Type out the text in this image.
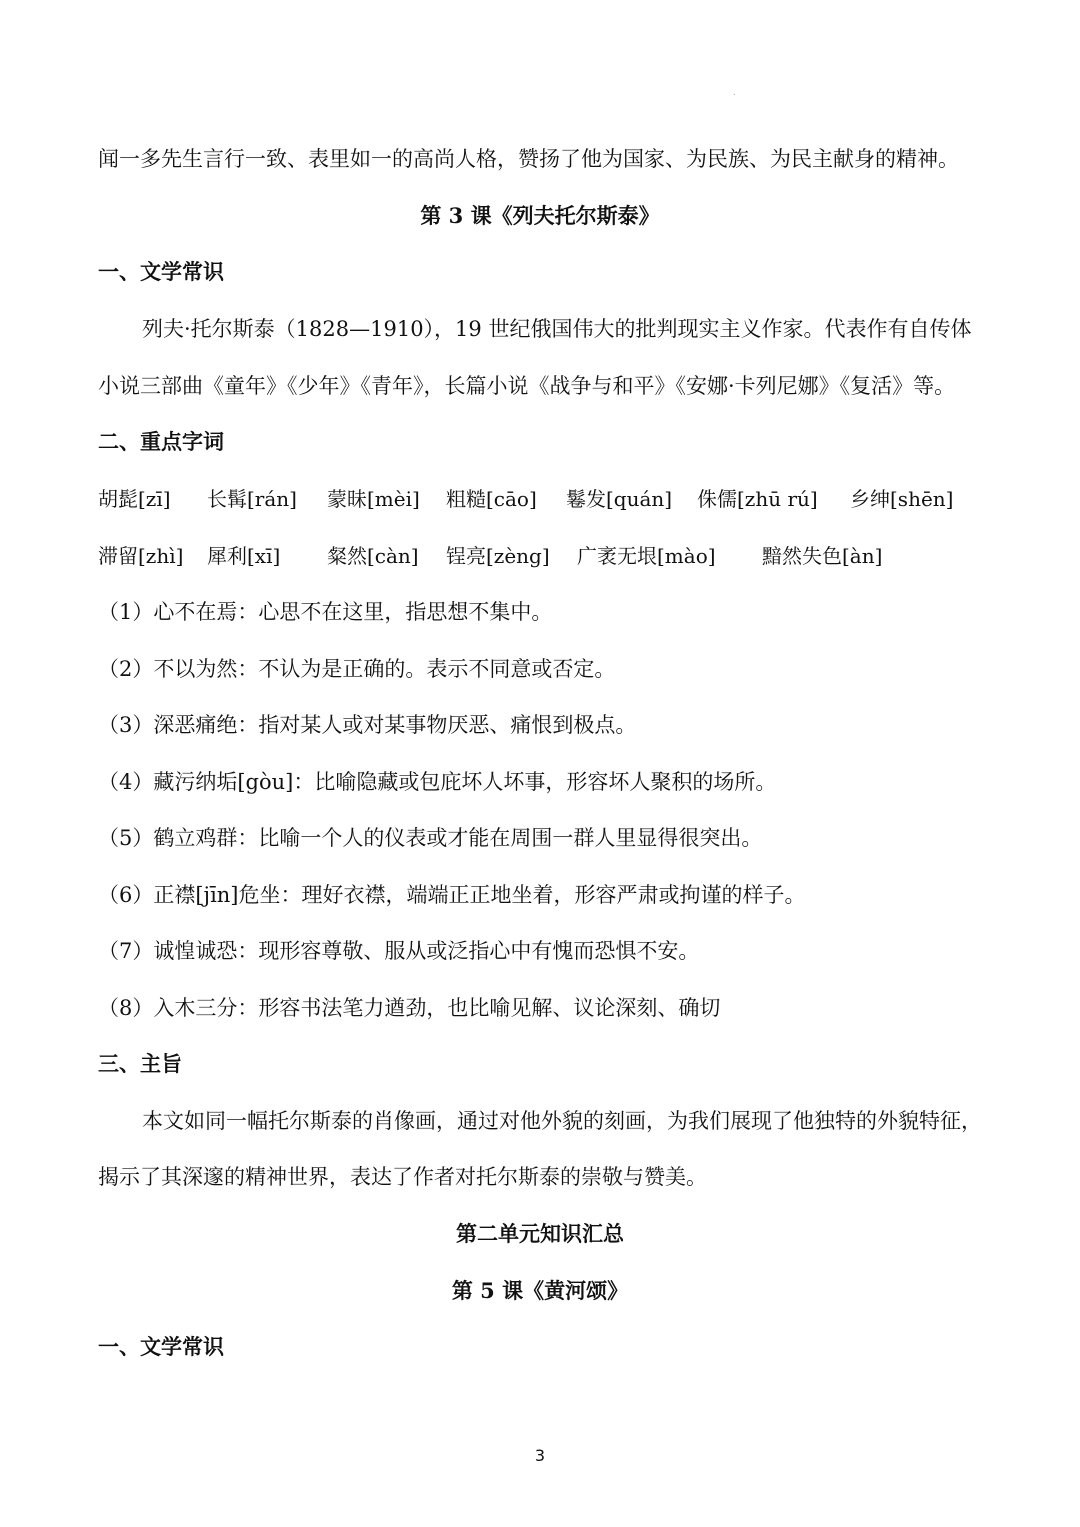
.
闻一多先生言行一致、表里如一的高尚人格，赞扬了他为国家、为民族、为民主献身的精神。
第 3 课《列夫托尔斯泰》
一、文学常识
列夫·托尔斯泰（1828—1910），19 世纪俄国伟大的批判现实主义作家。代表作有自传体
小说三部曲《童年》《少年》《青年》，长篇小说《战争与和平》《安娜·卡列尼娜》《复活》等。
二、重点字词
胡髭[zī] 长髯[rán] 蒙昧[mèi] 粗糙[cāo] 鬈发[quán] 侏儒[zhū rú] 乡绅[shēn]
滞留[zhì] 犀利[xī] 粲然[càn] 锃亮[zèng] 广袤无垠[mào] 黯然失色[àn]
（1）心不在焉：心思不在这里，指思想不集中。
（2）不以为然：不认为是正确的。表示不同意或否定。
（3）深恶痛绝：指对某人或对某事物厌恶、痛恨到极点。
（4）藏污纳垢[gòu]：比喻隐藏或包庇坏人坏事，形容坏人聚积的场所。
（5）鹤立鸡群：比喻一个人的仪表或才能在周围一群人里显得很突出。
（6）正襟[jīn]危坐：理好衣襟，端端正正地坐着，形容严肃或拘谨的样子。
（7）诚惶诚恐：现形容尊敬、服从或泛指心中有愧而恐惧不安。
（8）入木三分：形容书法笔力遒劲，也比喻见解、议论深刻、确切
三、主旨
本文如同一幅托尔斯泰的肖像画，通过对他外貌的刻画，为我们展现了他独特的外貌特征，
揭示了其深邃的精神世界，表达了作者对托尔斯泰的崇敬与赞美。
第二单元知识汇总
第 5 课《黄河颂》
一、文学常识
3
